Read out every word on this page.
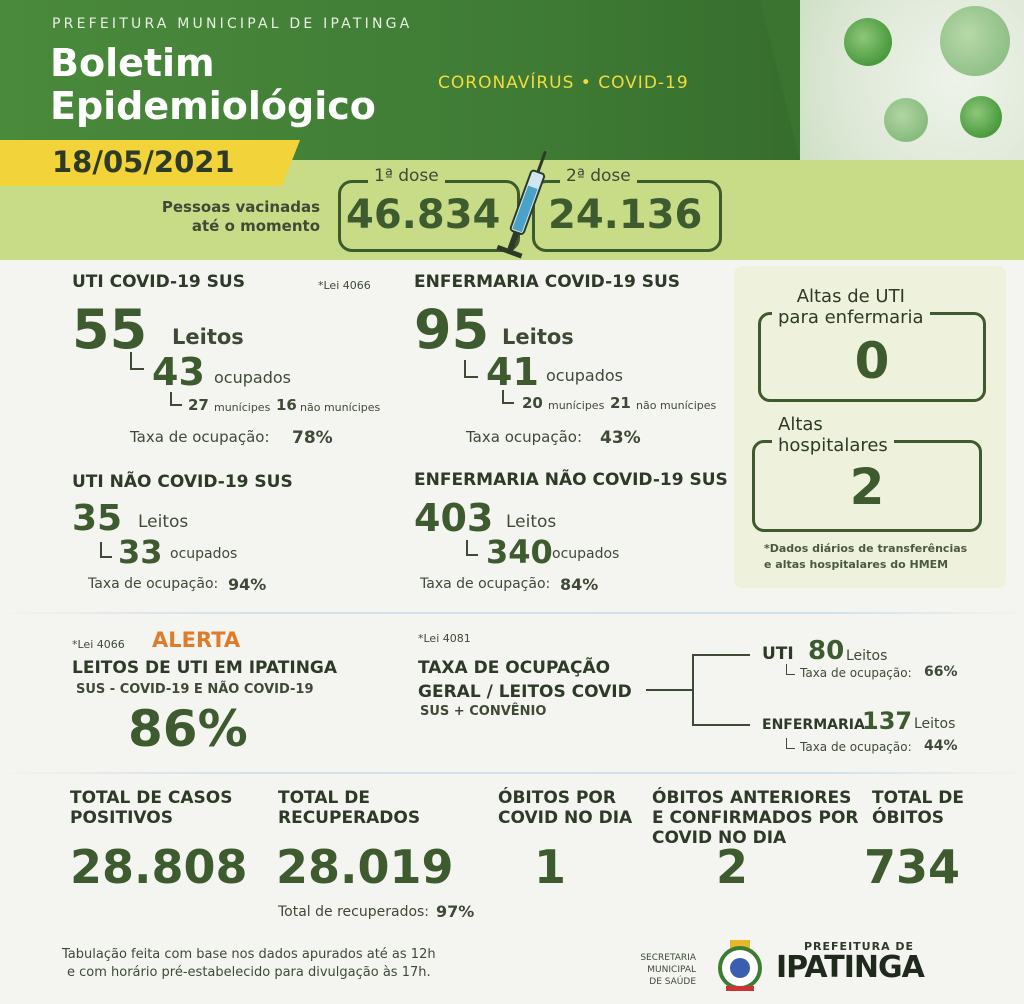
PREFEITURA MUNICIPAL DE IPATINGA
Boletim
Epidemiológico
CORONAVÍRUS • COVID-19
18/05/2021
Pessoas vacinadas
até o momento
1ª dose
46.834
2ª dose
24.136
UTI COVID-19 SUS	*Lei 4066
55 Leitos
43 ocupados
27 munícipes 16 não munícipes
Taxa de ocupação: 78%
ENFERMARIA COVID-19 SUS
95 Leitos
41 ocupados
20 munícipes 21 não munícipes
Taxa ocupação: 43%
UTI NÃO COVID-19 SUS
35 Leitos
33 ocupados
Taxa de ocupação: 94%
ENFERMARIA NÃO COVID-19 SUS
403 Leitos
340 ocupados
Taxa de ocupação: 84%
Altas de UTI
para enfermaria
0
Altas
hospitalares
2
*Dados diários de transferências
e altas hospitalares do HMEM
*Lei 4066 ALERTA
LEITOS DE UTI EM IPATINGA
SUS - COVID-19 E NÃO COVID-19
86%
*Lei 4081
TAXA DE OCUPAÇÃO
GERAL / LEITOS COVID
SUS + CONVÊNIO
UTI 80 Leitos
Taxa de ocupação: 66%
ENFERMARIA
137 Leitos
Taxa de ocupação: 44%
TOTAL DE CASOS
POSITIVOS
28.808
TOTAL DE
RECUPERADOS
28.019
Total de recuperados: 97%
ÓBITOS POR
COVID NO DIA
1
ÓBITOS ANTERIORES
E CONFIRMADOS POR
COVID NO DIA
2
TOTAL DE
ÓBITOS
734
Tabulação feita com base nos dados apurados até as 12h
e com horário pré-estabelecido para divulgação às 17h.
SECRETARIA MUNICIPAL
DE SAÚDE
PREFEITURA DE
IPATINGA
